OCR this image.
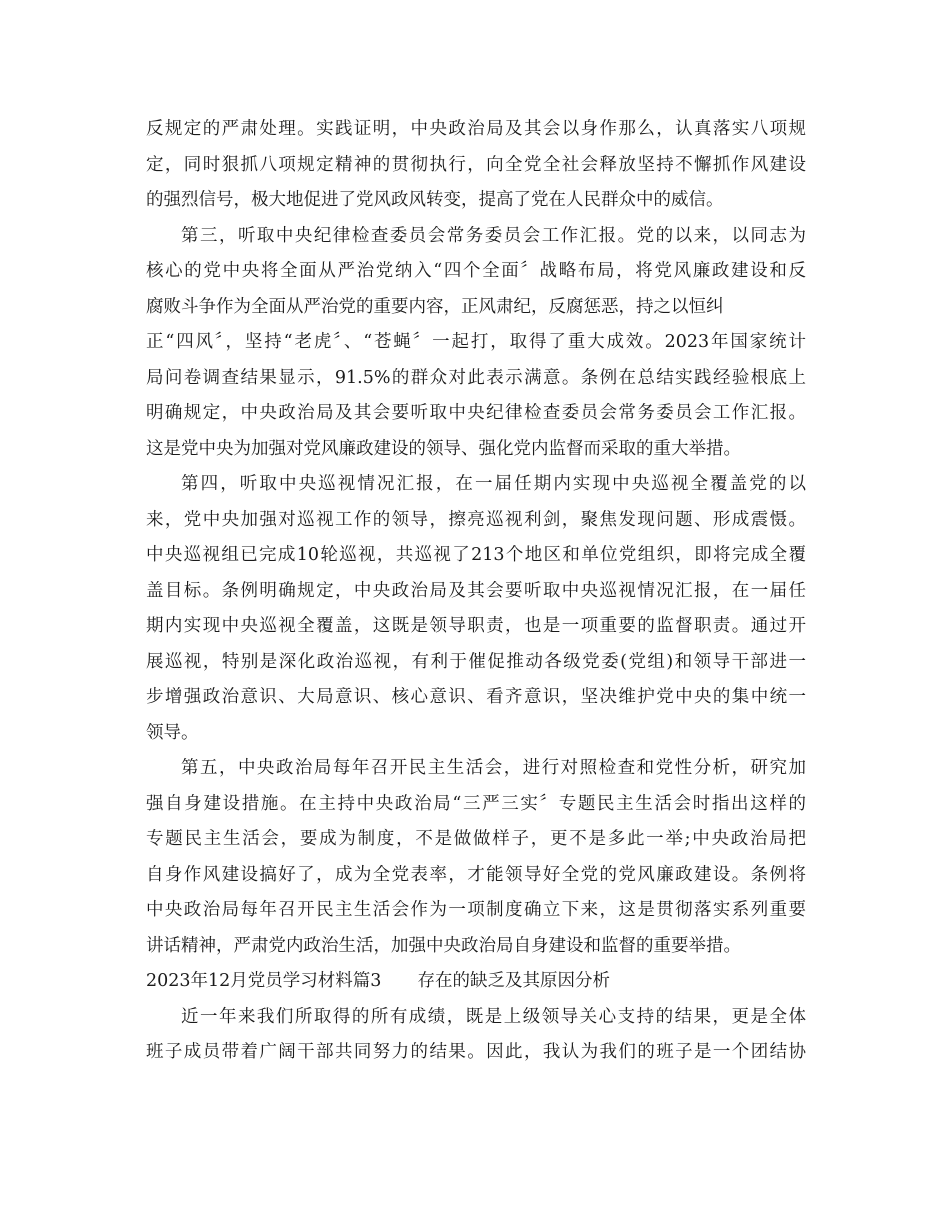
反规定的严肃处理。实践证明，中央政治局及其会以身作那么，认真落实八项规
定，同时狠抓八项规定精神的贯彻执行，向全党全社会释放坚持不懈抓作风建设
的强烈信号，极大地促进了党风政风转变，提高了党在人民群众中的威信。
第三，听取中央纪律检查委员会常务委员会工作汇报。党的以来，以同志为
核心的党中央将全面从严治党纳入“四个全面〞战略布局，将党风廉政建设和反
腐败斗争作为全面从严治党的重要内容，正风肃纪，反腐惩恶，持之以恒纠
正“四风〞，坚持“老虎〞、“苍蝇〞一起打，取得了重大成效。2023年国家统计
局问卷调查结果显示，91.5%的群众对此表示满意。条例在总结实践经验根底上
明确规定，中央政治局及其会要听取中央纪律检查委员会常务委员会工作汇报。
这是党中央为加强对党风廉政建设的领导、强化党内监督而采取的重大举措。
第四，听取中央巡视情况汇报，在一届任期内实现中央巡视全覆盖党的以
来，党中央加强对巡视工作的领导，擦亮巡视利剑，聚焦发现问题、形成震慑。
中央巡视组已完成10轮巡视，共巡视了213个地区和单位党组织，即将完成全覆
盖目标。条例明确规定，中央政治局及其会要听取中央巡视情况汇报，在一届任
期内实现中央巡视全覆盖，这既是领导职责，也是一项重要的监督职责。通过开
展巡视，特别是深化政治巡视，有利于催促推动各级党委(党组)和领导干部进一
步增强政治意识、大局意识、核心意识、看齐意识，坚决维护党中央的集中统一
领导。
第五，中央政治局每年召开民主生活会，进行对照检查和党性分析，研究加
强自身建设措施。在主持中央政治局“三严三实〞专题民主生活会时指出这样的
专题民主生活会，要成为制度，不是做做样子，更不是多此一举;中央政治局把
自身作风建设搞好了，成为全党表率，才能领导好全党的党风廉政建设。条例将
中央政治局每年召开民主生活会作为一项制度确立下来，这是贯彻落实系列重要
讲话精神，严肃党内政治生活，加强中央政治局自身建设和监督的重要举措。
2023年12月党员学习材料篇3 存在的缺乏及其原因分析
近一年来我们所取得的所有成绩，既是上级领导关心支持的结果，更是全体
班子成员带着广阔干部共同努力的结果。因此，我认为我们的班子是一个团结协
